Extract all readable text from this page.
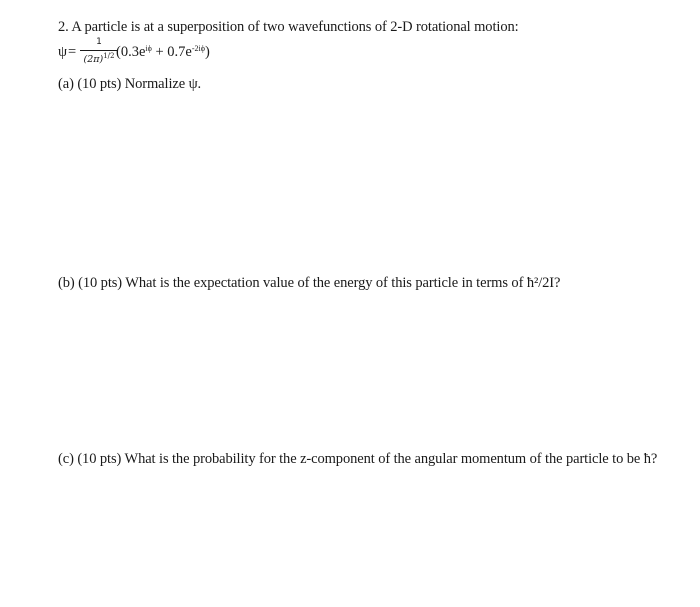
2. A particle is at a superposition of two wavefunctions of 2-D rotational motion:
ψ =
1
$(2\pi)^{1/2}$ $(0.3e^{i\phi} + 0.7e^{-2i\phi})$
(a) (10 pts) Normalize ψ.
(b) (10 pts) What is the expectation value of the energy of this particle in terms of ħ²/2I?
(c) (10 pts) What is the probability for the z-component of the angular momentum of the particle to be ħ?
